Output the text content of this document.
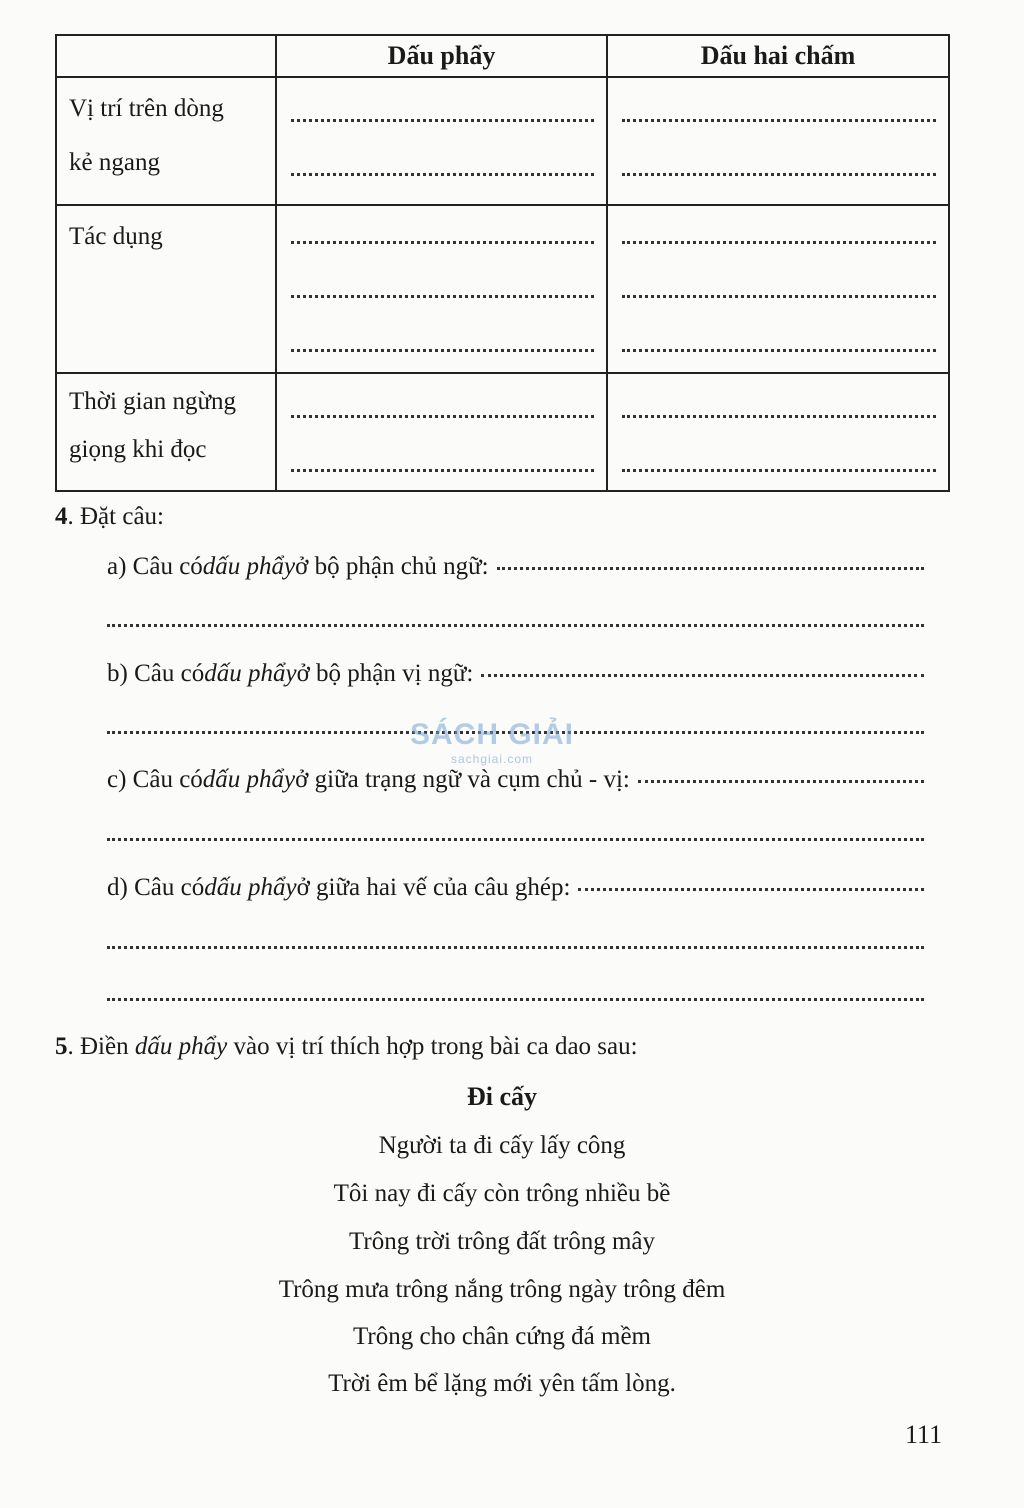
	Dấu phẩy	Dấu hai chấm

Vị trí trên dòng
kẻ ngang		

Tác dụng		

Thời gian ngừng
giọng khi đọc		

4. Đặt câu:
a) Câu có dấu phẩy ở bộ phận chủ ngữ:
b) Câu có dấu phẩy ở bộ phận vị ngữ:
c) Câu có dấu phẩy ở giữa trạng ngữ và cụm chủ - vị:
d) Câu có dấu phẩy ở giữa hai vế của câu ghép:
5. Điền dấu phẩy vào vị trí thích hợp trong bài ca dao sau:
Đi cấy
Người ta đi cấy lấy công
Tôi nay đi cấy còn trông nhiều bề
Trông trời trông đất trông mây
Trông mưa trông nắng trông ngày trông đêm
Trông cho chân cứng đá mềm
Trời êm bể lặng mới yên tấm lòng.
SÁCH GIẢI
sachgiai.com
111
